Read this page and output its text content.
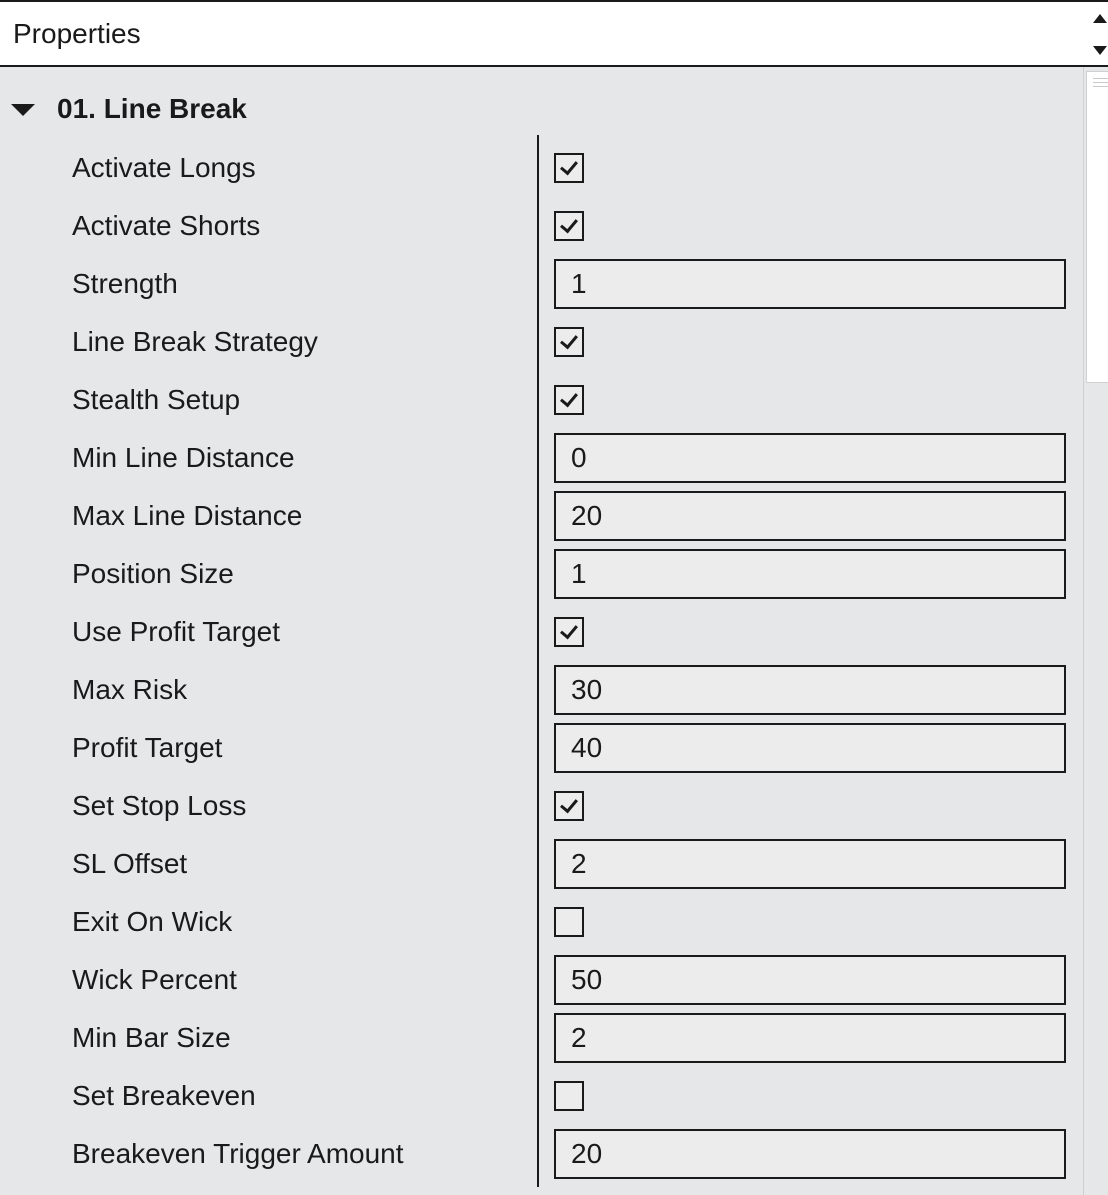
Properties
01. Line Break
Activate Longs
Activate Shorts
Strength	1
Line Break Strategy
Stealth Setup
Min Line Distance	0
Max Line Distance	20
Position Size	1
Use Profit Target
Max Risk	30
Profit Target	40
Set Stop Loss
SL Offset	2
Exit On Wick
Wick Percent	50
Min Bar Size	2
Set Breakeven
Breakeven Trigger Amount	20
